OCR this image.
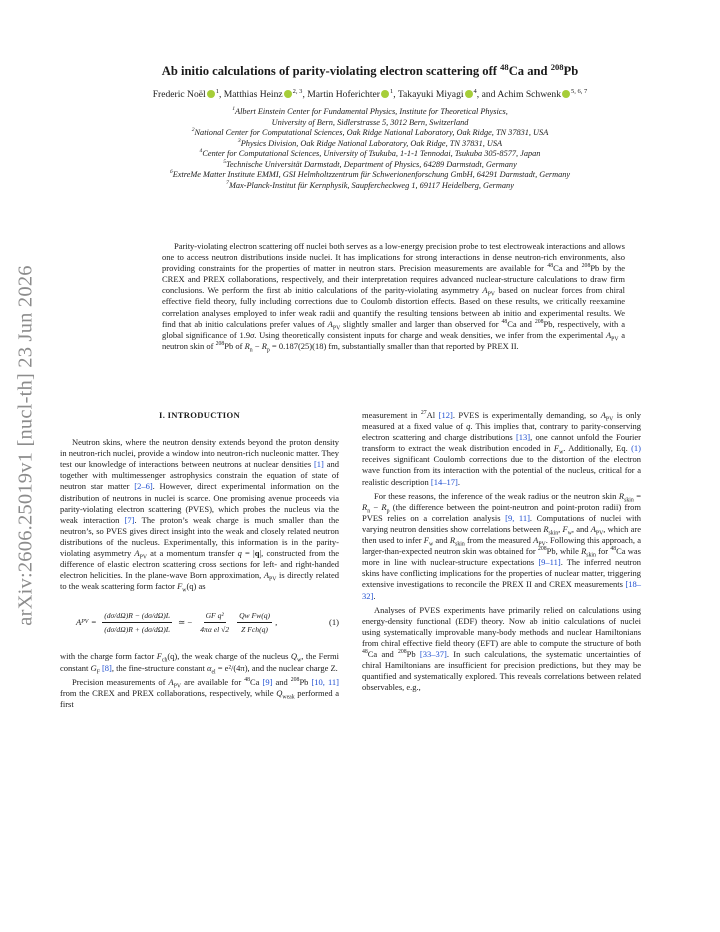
arXiv:2606.25019v1 [nucl-th] 23 Jun 2026
Ab initio calculations of parity-violating electron scattering off $^{48}$Ca and $^{208}$Pb
Frederic Noël $^1$, Matthias Heinz $^{2, 3}$, Martin Hoferichter $^1$, Takayuki Miyagi $^4$, and Achim Schwenk $^{5, 6, 7}$
$^1$Albert Einstein Center for Fundamental Physics, Institute for Theoretical Physics,
University of Bern, Sidlerstrasse 5, 3012 Bern, Switzerland
$^2$National Center for Computational Sciences, Oak Ridge National Laboratory, Oak Ridge, TN 37831, USA
$^3$Physics Division, Oak Ridge National Laboratory, Oak Ridge, TN 37831, USA
$^4$Center for Computational Sciences, University of Tsukuba, 1-1-1 Tennodai, Tsukuba 305-8577, Japan
$^5$Technische Universität Darmstadt, Department of Physics, 64289 Darmstadt, Germany
$^6$ExtreMe Matter Institute EMMI, GSI Helmholtzzentrum für Schwerionenforschung GmbH, 64291 Darmstadt, Germany
$^7$Max-Planck-Institut für Kernphysik, Saupfercheckweg 1, 69117 Heidelberg, Germany

Parity-violating electron scattering off nuclei both serves as a low-energy precision probe to test electroweak interactions and allows one to access neutron distributions inside nuclei. It has implications for strong interactions in dense neutron-rich environments, also providing constraints for the properties of matter in neutron stars. Precision measurements are available for $^{48}$Ca and $^{208}$Pb by the CREX and PREX collaborations, respectively, and their interpretation requires advanced nuclear-structure calculations to draw firm conclusions. We perform the first ab initio calculations of the parity-violating asymmetry $A_{PV}$ based on nuclear forces from chiral effective field theory, fully including corrections due to Coulomb distortion effects. Based on these results, we critically reexamine correlation analyses employed to infer weak radii and quantify the resulting tensions between ab initio and experimental results. We find that ab initio calculations prefer values of $A_{PV}$ slightly smaller and larger than observed for $^{48}$Ca and $^{208}$Pb, respectively, with a global significance of 1.9σ. Using theoretically consistent inputs for charge and weak densities, we infer from the experimental $A_{PV}$ a neutron skin of $^{208}$Pb of $R_n - R_p = 0.187(25)(18)$ fm, substantially smaller than that reported by PREX II.

I. INTRODUCTION

Neutron skins, where the neutron density extends beyond the proton density in neutron-rich nuclei, provide a window into neutron-rich nucleonic matter. They test our knowledge of interactions between neutrons at nuclear densities [1] and together with multimessenger astrophysics constrain the equation of state of neutron star matter [2–6]. However, direct experimental information on the distribution of neutrons in nuclei is scarce. One promising avenue proceeds via parity-violating electron scattering (PVES), which probes the nucleus via the weak interaction [7]. The proton’s weak charge is much smaller than the neutron’s, so PVES gives direct insight into the weak and closely related neutron distributions of the nucleus. Experimentally, this information is in the parity-violating asymmetry $A_{PV}$ at a momentum transfer q = |q|, constructed from the difference of elastic electron scattering cross sections for left- and right-handed electron helicities. In the plane-wave Born approximation, $A_{PV}$ is directly related to the weak scattering form factor $F_w(q)$ as

A PV = $\frac{(d\sigma/d\Omega)R - (d\sigma/d\Omega)L}{(d\sigma/d\Omega)R + (d\sigma/d\Omega)L}$ ≃ − $\frac{\text{GF q²}}{\text{4πα el √2}} \frac{\text{Qw Fw(q)}}{\text{Z Fch(q)}}$ ,	(1)

with the charge form factor $F_{ch}(q)$, the weak charge of the nucleus $Q_w$, the Fermi constant $G_F$ [8], the fine-structure constant $\alpha_{el} = e^2/(4\pi)$, and the nuclear charge Z.

Precision measurements of $A_{PV}$ are available for $^{48}$Ca [9] and $^{208}$Pb [10, 11] from the CREX and PREX collaborations, respectively, while $Q_{weak}$ performed a first

measurement in $^{27}$Al [12]. PVES is experimentally demanding, so $A_{PV}$ is only measured at a fixed value of q. This implies that, contrary to parity-conserving electron scattering and charge distributions [13], one cannot unfold the Fourier transform to extract the weak distribution encoded in $F_w$. Additionally, Eq. (1) receives significant Coulomb corrections due to the distortion of the electron wave function from its interaction with the potential of the nucleus, critical for a realistic description [14–17].

For these reasons, the inference of the weak radius or the neutron skin $R_{skin} = R_n - R_p$ (the difference between the point-neutron and point-proton radii) from PVES relies on a correlation analysis [9, 11]. Computations of nuclei with varying neutron densities show correlations between $R_{skin}$, $F_w$, and $A_{PV}$, which are then used to infer $F_w$ and $R_{skin}$ from the measured $A_{PV}$. Following this approach, a larger-than-expected neutron skin was obtained for $^{208}$Pb, while $R_{skin}$ for $^{48}$Ca was more in line with nuclear-structure expectations [9–11]. The inferred neutron skins have conflicting implications for the properties of nuclear matter, triggering extensive investigations to reconcile the PREX II and CREX measurements [18–32].

Analyses of PVES experiments have primarily relied on calculations using energy-density functional (EDF) theory. Now ab initio calculations of nuclei using systematically improvable many-body methods and nuclear Hamiltonians from chiral effective field theory (EFT) are able to compute the structure of both $^{48}$Ca and $^{208}$Pb [33–37]. In such calculations, the systematic uncertainties of chiral Hamiltonians are insufficient for precision predictions, but they may be quantified and systematically explored. This reveals correlations between related observables, e.g.,
